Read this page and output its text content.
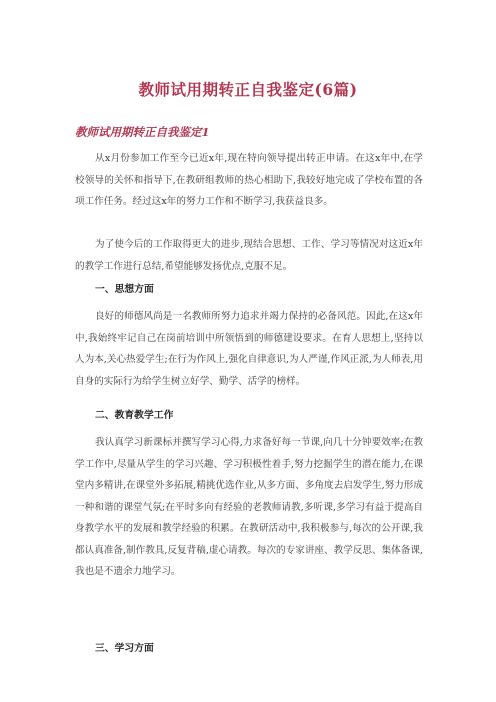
教师试用期转正自我鉴定(6篇)
教师试用期转正自我鉴定1

从x月份参加工作至今已近x年,现在特向领导提出转正申请。在这x年中,在学校领导的关怀和指导下,在教研组教师的热心相助下,我较好地完成了学校布置的各项工作任务。经过这x年的努力工作和不断学习,我获益良多。

为了使今后的工作取得更大的进步,现结合思想、工作、学习等情况对这近x年的教学工作进行总结,希望能够发扬优点,克服不足。

一、思想方面

良好的师德风尚是一名教师所努力追求并竭力保持的必备风范。因此,在这x年中,我始终牢记自己在岗前培训中所领悟到的师德建设要求。在育人思想上,坚持以人为本,关心热爱学生;在行为作风上,强化自律意识,为人严谨,作风正派,为人师表,用自身的实际行为给学生树立好学、勤学、活学的榜样。

二、教育教学工作

我认真学习新课标并撰写学习心得,力求备好每一节课,向几十分钟要效率;在教学工作中,尽量从学生的学习兴趣、学习积极性着手,努力挖掘学生的潜在能力,在课堂内多精讲,在课堂外多拓展,精挑优选作业,从多方面、多角度去启发学生,努力形成一种和谐的课堂气氛;在平时多向有经验的老教师请教,多听课,多学习有益于提高自身教学水平的发展和教学经验的积累。在教研活动中,我积极参与,每次的公开课,我都认真准备,制作教具,反复背稿,虚心请教。每次的专家讲座、教学反思、集体备课,我也是不遗余力地学习。

三、学习方面
